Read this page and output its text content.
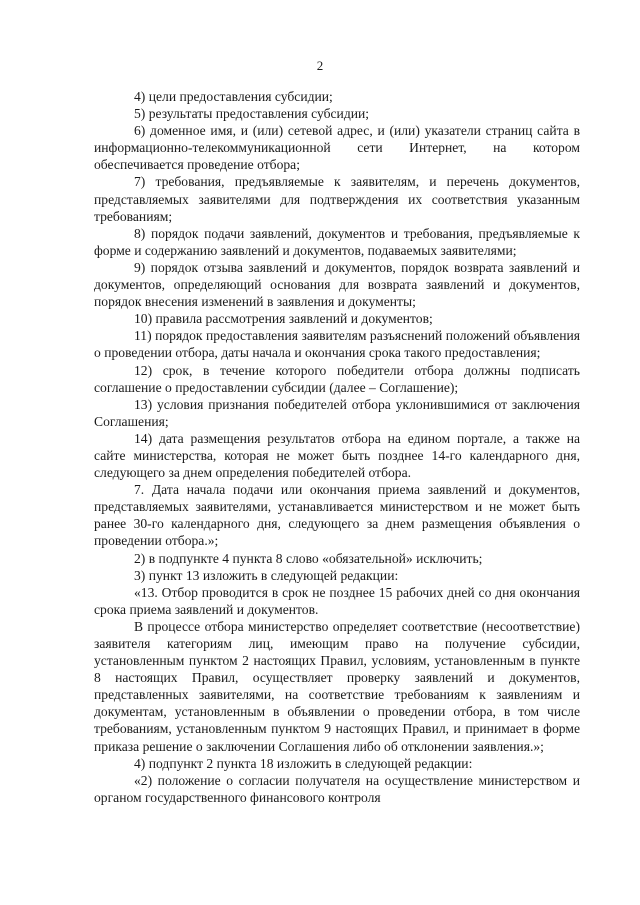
2

4) цели предоставления субсидии;

5) результаты предоставления субсидии;

6) доменное имя, и (или) сетевой адрес, и (или) указатели страниц сайта в информационно-телекоммуникационной сети Интернет, на котором обеспечивается проведение отбора;

7) требования, предъявляемые к заявителям, и перечень документов, представляемых заявителями для подтверждения их соответствия указанным требованиям;

8) порядок подачи заявлений, документов и требования, предъявляемые к форме и содержанию заявлений и документов, подаваемых заявителями;

9) порядок отзыва заявлений и документов, порядок возврата заявлений и документов, определяющий основания для возврата заявлений и документов, порядок внесения изменений в заявления и документы;

10) правила рассмотрения заявлений и документов;

11) порядок предоставления заявителям разъяснений положений объявления о проведении отбора, даты начала и окончания срока такого предоставления;

12) срок, в течение которого победители отбора должны подписать соглашение о предоставлении субсидии (далее – Соглашение);

13) условия признания победителей отбора уклонившимися от заключения Соглашения;

14) дата размещения результатов отбора на едином портале, а также на сайте министерства, которая не может быть позднее 14-го календарного дня, следующего за днем определения победителей отбора.

7. Дата начала подачи или окончания приема заявлений и документов, представляемых заявителями, устанавливается министерством и не может быть ранее 30-го календарного дня, следующего за днем размещения объявления о проведении отбора.»;

2) в подпункте 4 пункта 8 слово «обязательной» исключить;

3) пункт 13 изложить в следующей редакции:

«13. Отбор проводится в срок не позднее 15 рабочих дней со дня окончания срока приема заявлений и документов.

В процессе отбора министерство определяет соответствие (несоответствие) заявителя категориям лиц, имеющим право на получение субсидии, установленным пунктом 2 настоящих Правил, условиям, установленным в пункте 8 настоящих Правил, осуществляет проверку заявлений и документов, представленных заявителями, на соответствие требованиям к заявлениям и документам, установленным в объявлении о проведении отбора, в том числе требованиям, установленным пунктом 9 настоящих Правил, и принимает в форме приказа решение о заключении Соглашения либо об отклонении заявления.»;

4) подпункт 2 пункта 18 изложить в следующей редакции:

«2) положение о согласии получателя на осуществление министерством и органом государственного финансового контроля
